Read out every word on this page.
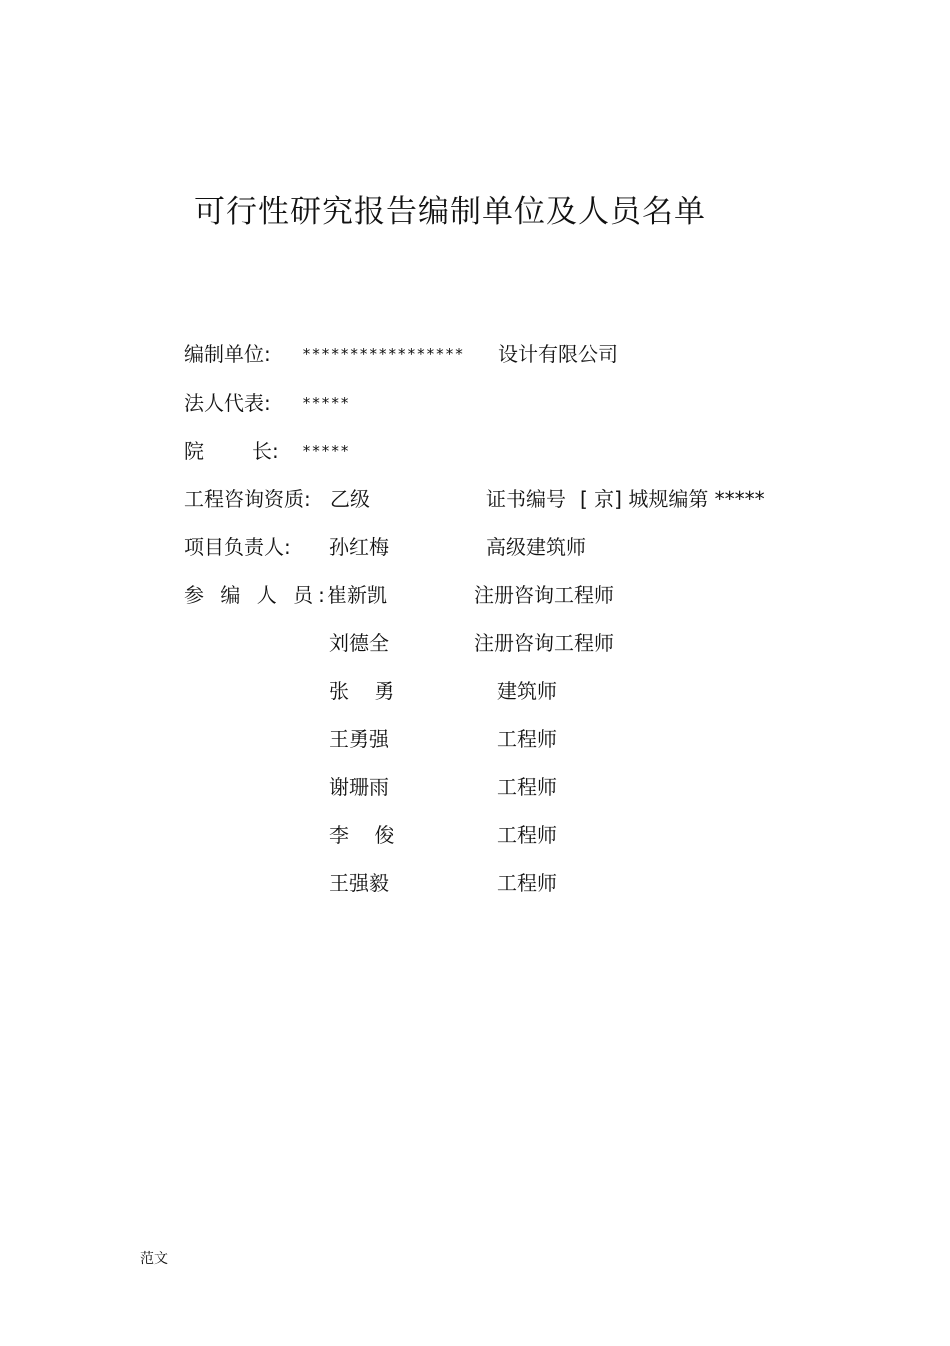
可行性研究报告编制单位及人员名单
编制单位: ***************** 设计有限公司
法人代表: *****
院 长: *****
工程咨询资质: 乙级	证书编号 [ 京] 城规编第 *****
项目负责人: 孙红梅	高级建筑师
参 编 人 员:
崔新凯	注册咨询工程师
刘德全	注册咨询工程师
张    勇	建筑师
王勇强	工程师
谢珊雨	工程师
李    俊	工程师
王强毅	工程师
范文
